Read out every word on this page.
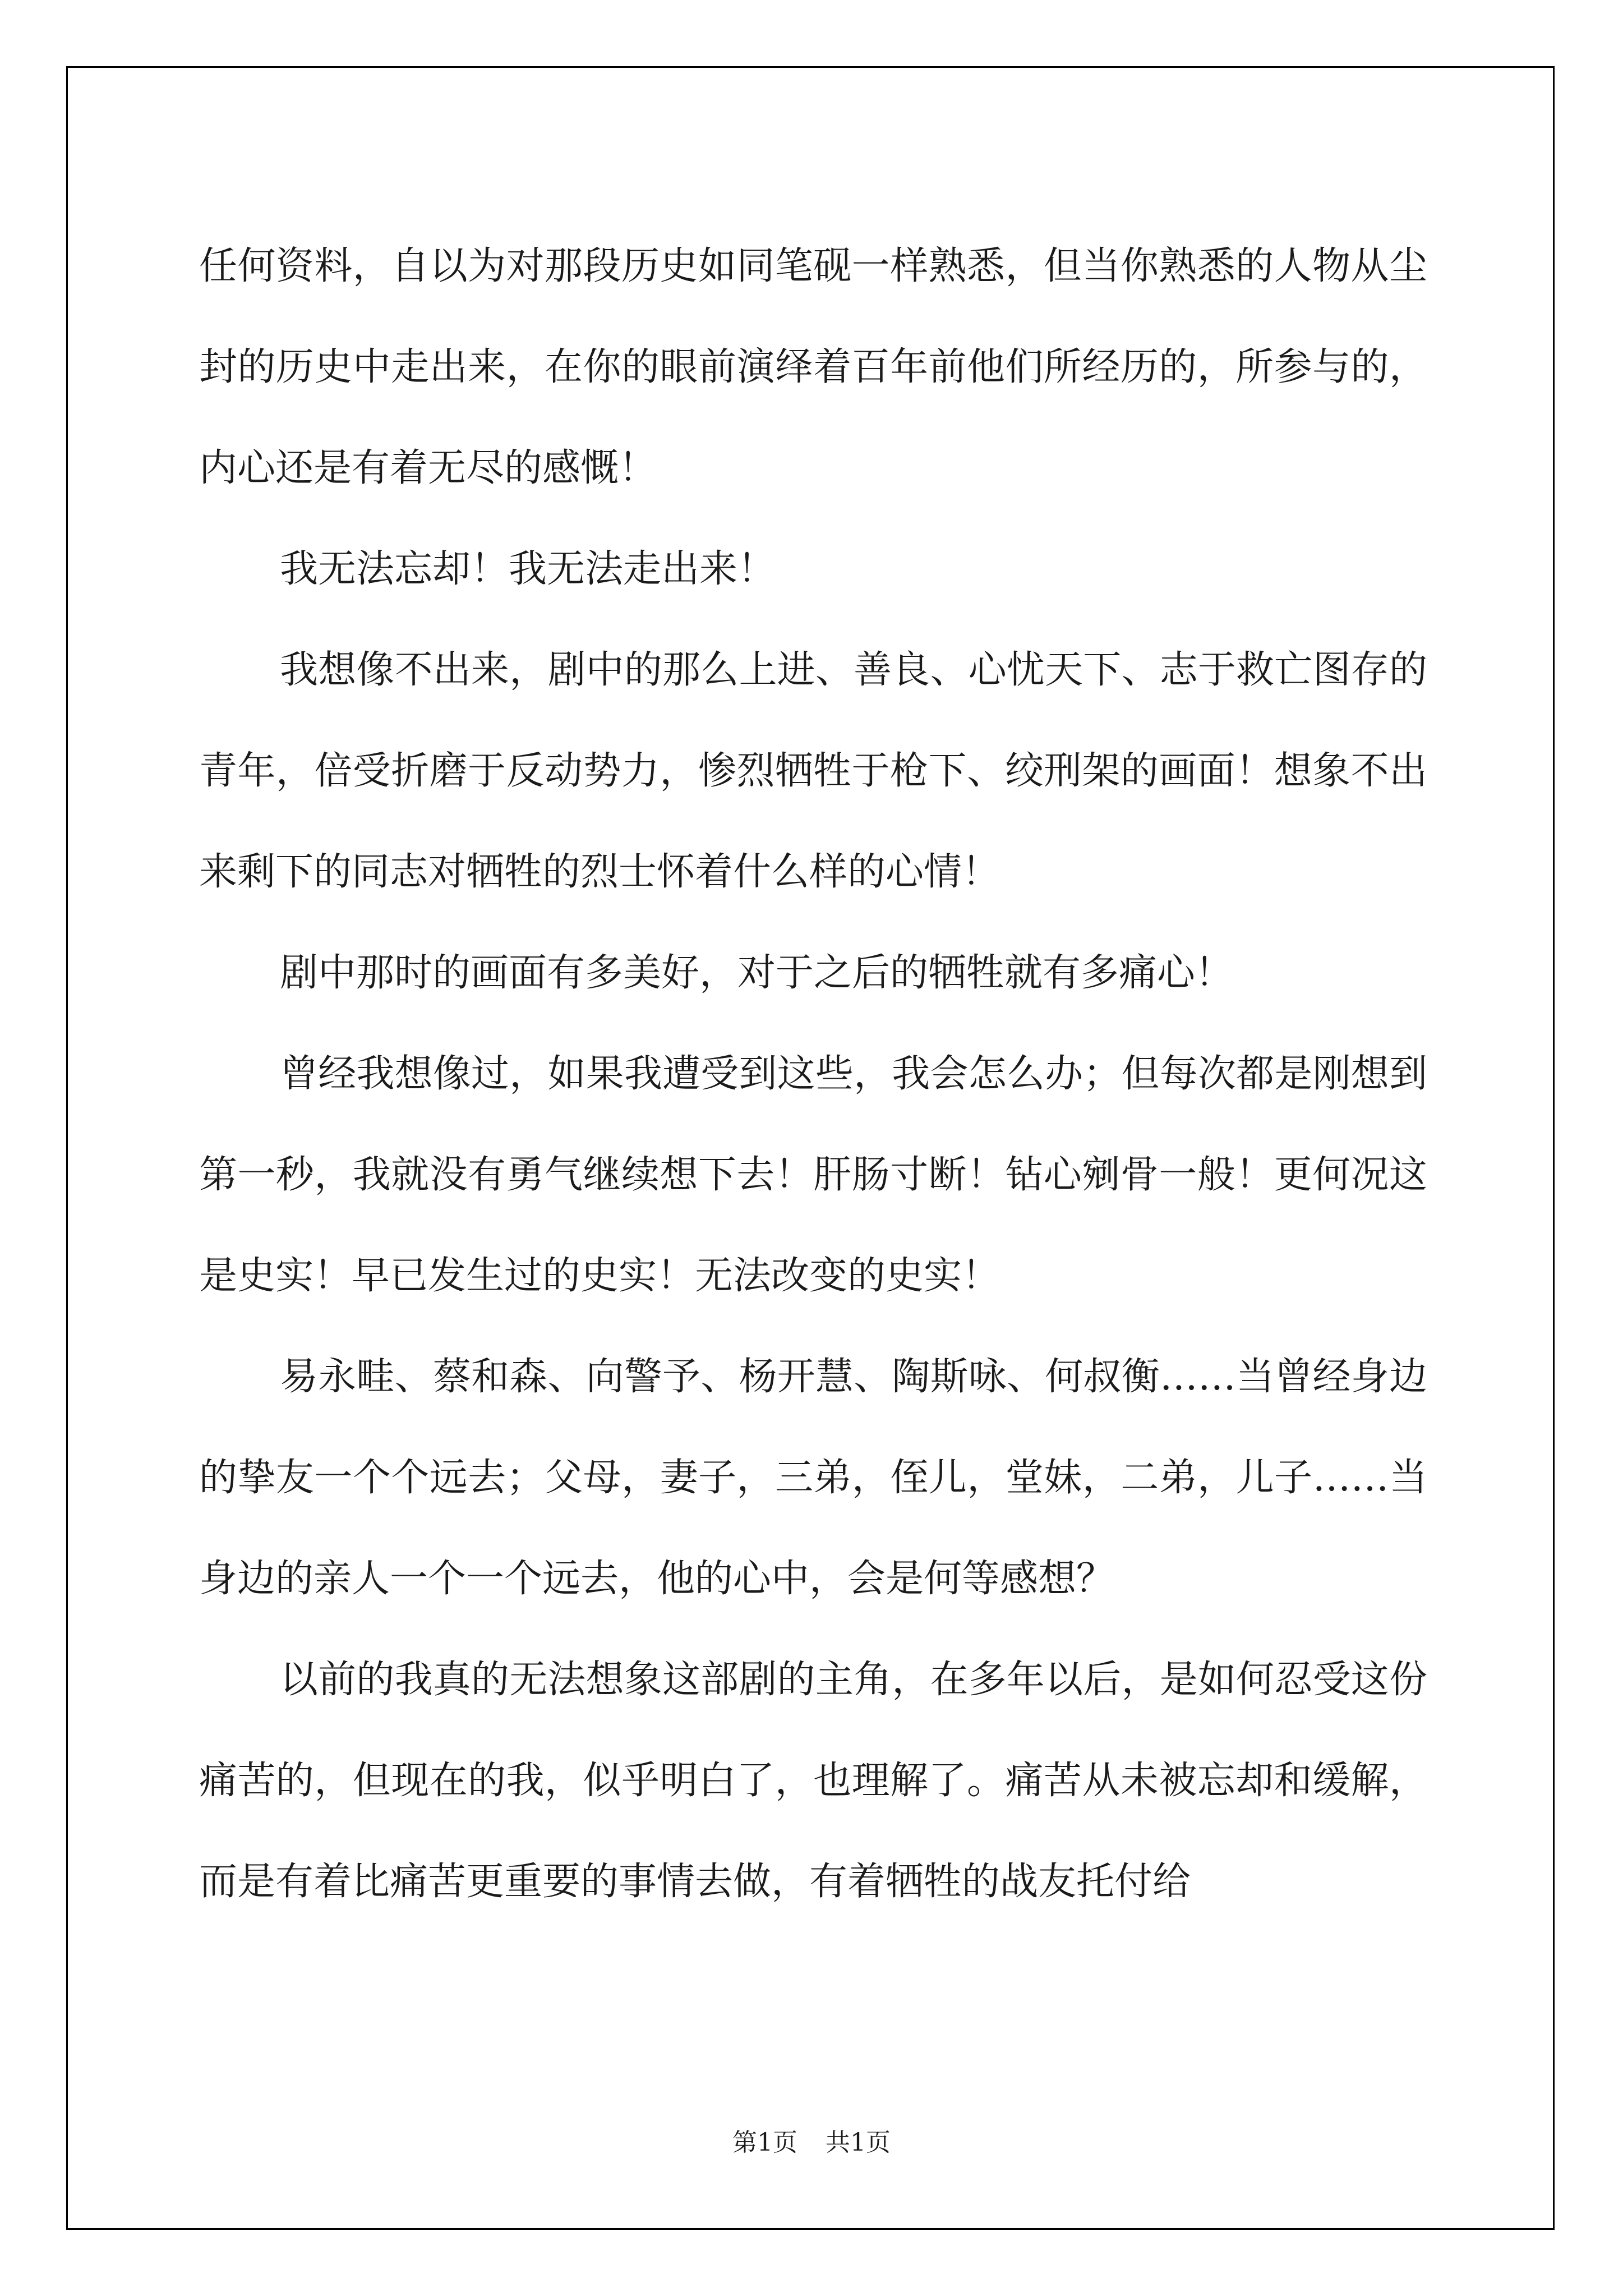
任何资料，自以为对那段历史如同笔砚一样熟悉，但当你熟悉的人物从尘封的历史中走出来，在你的眼前演绎着百年前他们所经历的，所参与的，内心还是有着无尽的感慨！

我无法忘却！我无法走出来！

我想像不出来，剧中的那么上进、善良、心忧天下、志于救亡图存的青年，倍受折磨于反动势力，惨烈牺牲于枪下、绞刑架的画面！想象不出来剩下的同志对牺牲的烈士怀着什么样的心情！

剧中那时的画面有多美好，对于之后的牺牲就有多痛心！

曾经我想像过，如果我遭受到这些，我会怎么办；但每次都是刚想到第一秒，我就没有勇气继续想下去！肝肠寸断！钻心剜骨一般！更何况这是史实！早已发生过的史实！无法改变的史实！

易永畦、蔡和森、向警予、杨开慧、陶斯咏、何叔衡……当曾经身边的挚友一个个远去；父母，妻子，三弟，侄儿，堂妹，二弟，儿子……当身边的亲人一个一个远去，他的心中，会是何等感想？

以前的我真的无法想象这部剧的主角，在多年以后，是如何忍受这份痛苦的，但现在的我，似乎明白了，也理解了。痛苦从未被忘却和缓解，而是有着比痛苦更重要的事情去做，有着牺牲的战友托付给

第1页 共1页
